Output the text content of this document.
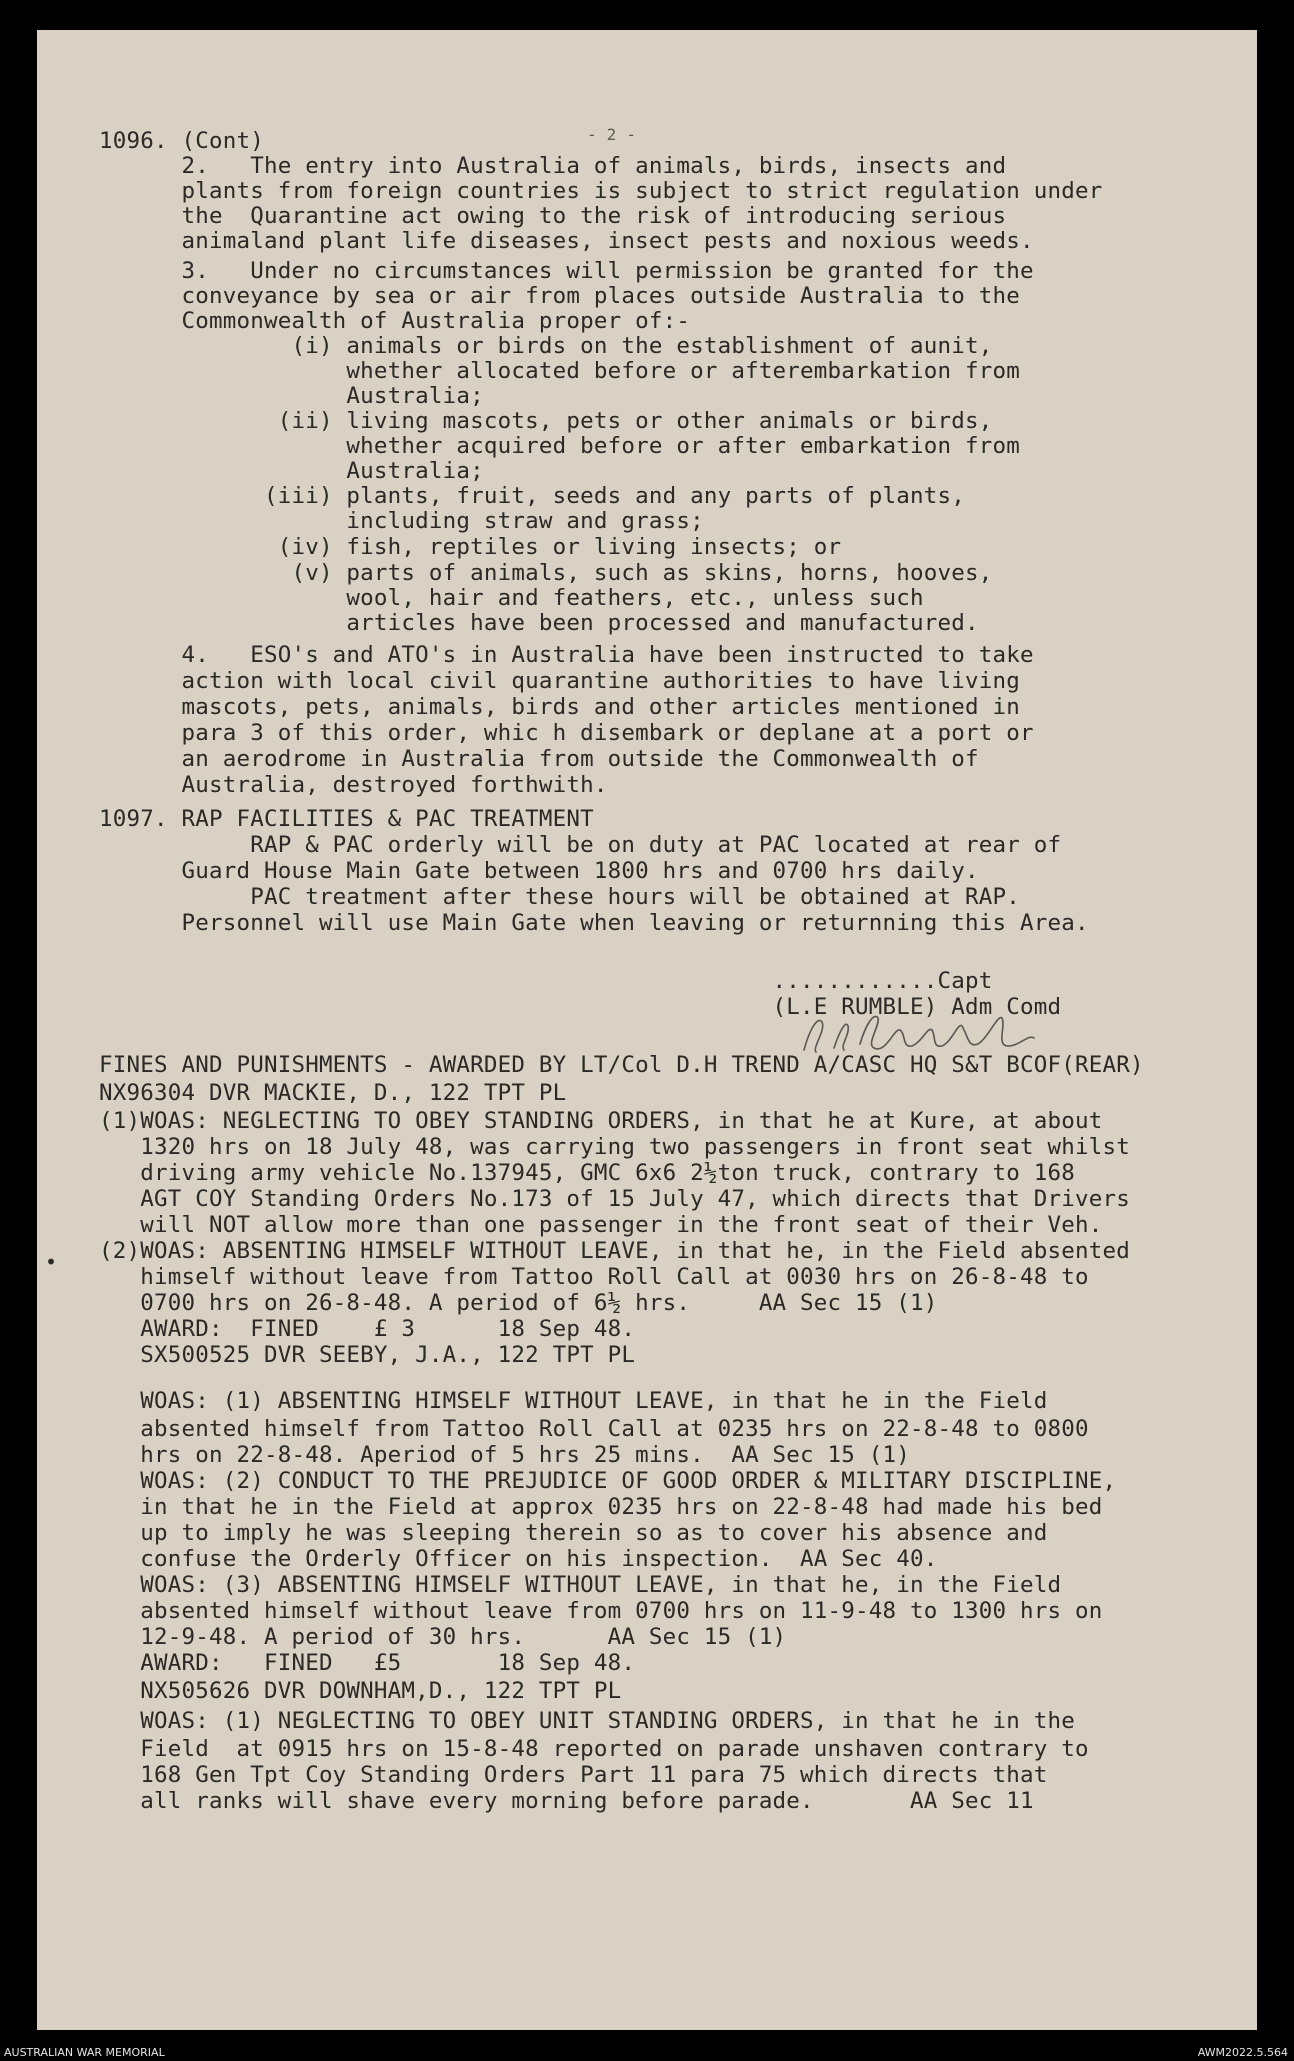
- 2 -
•
1096. (Cont)
2.   The entry into Australia of animals, birds, insects and
plants from foreign countries is subject to strict regulation under
the  Quarantine act owing to the risk of introducing serious
animaland plant life diseases, insect pests and noxious weeds.
3.   Under no circumstances will permission be granted for the
conveyance by sea or air from places outside Australia to the
Commonwealth of Australia proper of:-
(i) animals or birds on the establishment of aunit,
whether allocated before or afterembarkation from
Australia;
(ii) living mascots, pets or other animals or birds,
whether acquired before or after embarkation from
Australia;
(iii) plants, fruit, seeds and any parts of plants,
including straw and grass;
(iv) fish, reptiles or living insects; or
(v) parts of animals, such as skins, horns, hooves,
wool, hair and feathers, etc., unless such
articles have been processed and manufactured.
4.   ESO's and ATO's in Australia have been instructed to take
action with local civil quarantine authorities to have living
mascots, pets, animals, birds and other articles mentioned in
para 3 of this order, whic h disembark or deplane at a port or
an aerodrome in Australia from outside the Commonwealth of
Australia, destroyed forthwith.
1097. RAP FACILITIES & PAC TREATMENT
RAP & PAC orderly will be on duty at PAC located at rear of
Guard House Main Gate between 1800 hrs and 0700 hrs daily.
PAC treatment after these hours will be obtained at RAP.
Personnel will use Main Gate when leaving or returnning this Area.
............Capt
(L.E RUMBLE) Adm Comd
FINES AND PUNISHMENTS - AWARDED BY LT/Col D.H TREND A/CASC HQ S&T BCOF(REAR)
NX96304 DVR MACKIE, D., 122 TPT PL
(1)WOAS: NEGLECTING TO OBEY STANDING ORDERS, in that he at Kure, at about
1320 hrs on 18 July 48, was carrying two passengers in front seat whilst
driving army vehicle No.137945, GMC 6x6 2½ton truck, contrary to 168
AGT COY Standing Orders No.173 of 15 July 47, which directs that Drivers
will NOT allow more than one passenger in the front seat of their Veh.
(2)WOAS: ABSENTING HIMSELF WITHOUT LEAVE, in that he, in the Field absented
himself without leave from Tattoo Roll Call at 0030 hrs on 26-8-48 to
0700 hrs on 26-8-48. A period of 6½ hrs.     AA Sec 15 (1)
AWARD:  FINED    £ 3      18 Sep 48.
SX500525 DVR SEEBY, J.A., 122 TPT PL
WOAS: (1) ABSENTING HIMSELF WITHOUT LEAVE, in that he in the Field
absented himself from Tattoo Roll Call at 0235 hrs on 22-8-48 to 0800
hrs on 22-8-48. Aperiod of 5 hrs 25 mins.  AA Sec 15 (1)
WOAS: (2) CONDUCT TO THE PREJUDICE OF GOOD ORDER & MILITARY DISCIPLINE,
in that he in the Field at approx 0235 hrs on 22-8-48 had made his bed
up to imply he was sleeping therein so as to cover his absence and
confuse the Orderly Officer on his inspection.  AA Sec 40.
WOAS: (3) ABSENTING HIMSELF WITHOUT LEAVE, in that he, in the Field
absented himself without leave from 0700 hrs on 11-9-48 to 1300 hrs on
12-9-48. A period of 30 hrs.      AA Sec 15 (1)
AWARD:   FINED   £5       18 Sep 48.
NX505626 DVR DOWNHAM,D., 122 TPT PL
WOAS: (1) NEGLECTING TO OBEY UNIT STANDING ORDERS, in that he in the
Field  at 0915 hrs on 15-8-48 reported on parade unshaven contrary to
168 Gen Tpt Coy Standing Orders Part 11 para 75 which directs that
all ranks will shave every morning before parade.       AA Sec 11
AUSTRALIAN WAR MEMORIAL	AWM2022.5.564
